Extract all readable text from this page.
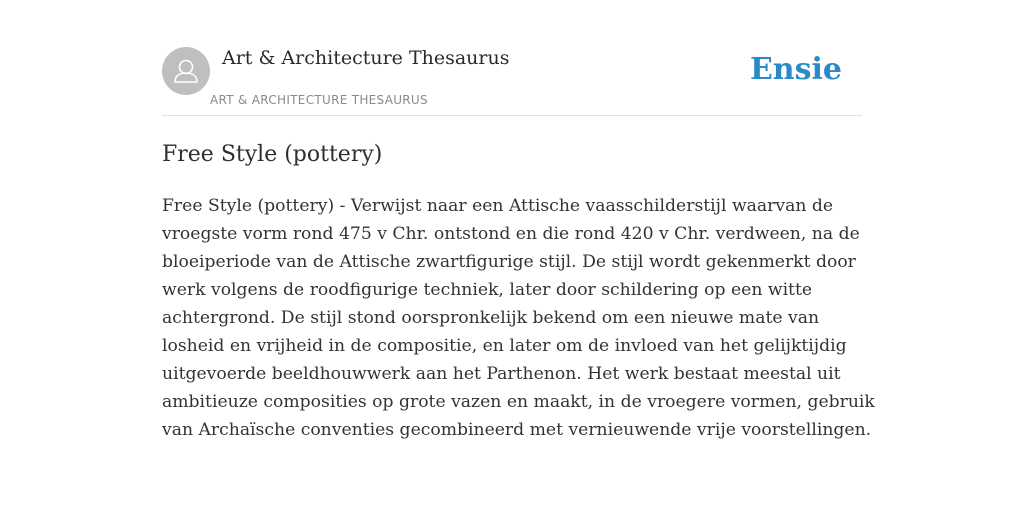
Art & Architecture Thesaurus
ART & ARCHITECTURE THESAURUS
Ensie
Free Style (pottery)

Free Style (pottery) - Verwijst naar een Attische vaasschilderstijl waarvan de
vroegste vorm rond 475 v Chr. ontstond en die rond 420 v Chr. verdween, na de
bloeiperiode van de Attische zwartfigurige stijl. De stijl wordt gekenmerkt door
werk volgens de roodfigurige techniek, later door schildering op een witte
achtergrond. De stijl stond oorspronkelijk bekend om een nieuwe mate van
losheid en vrijheid in de compositie, en later om de invloed van het gelijktijdig
uitgevoerde beeldhouwwerk aan het Parthenon. Het werk bestaat meestal uit
ambitieuze composities op grote vazen en maakt, in de vroegere vormen, gebruik
van Archaïsche conventies gecombineerd met vernieuwende vrije voorstellingen.
